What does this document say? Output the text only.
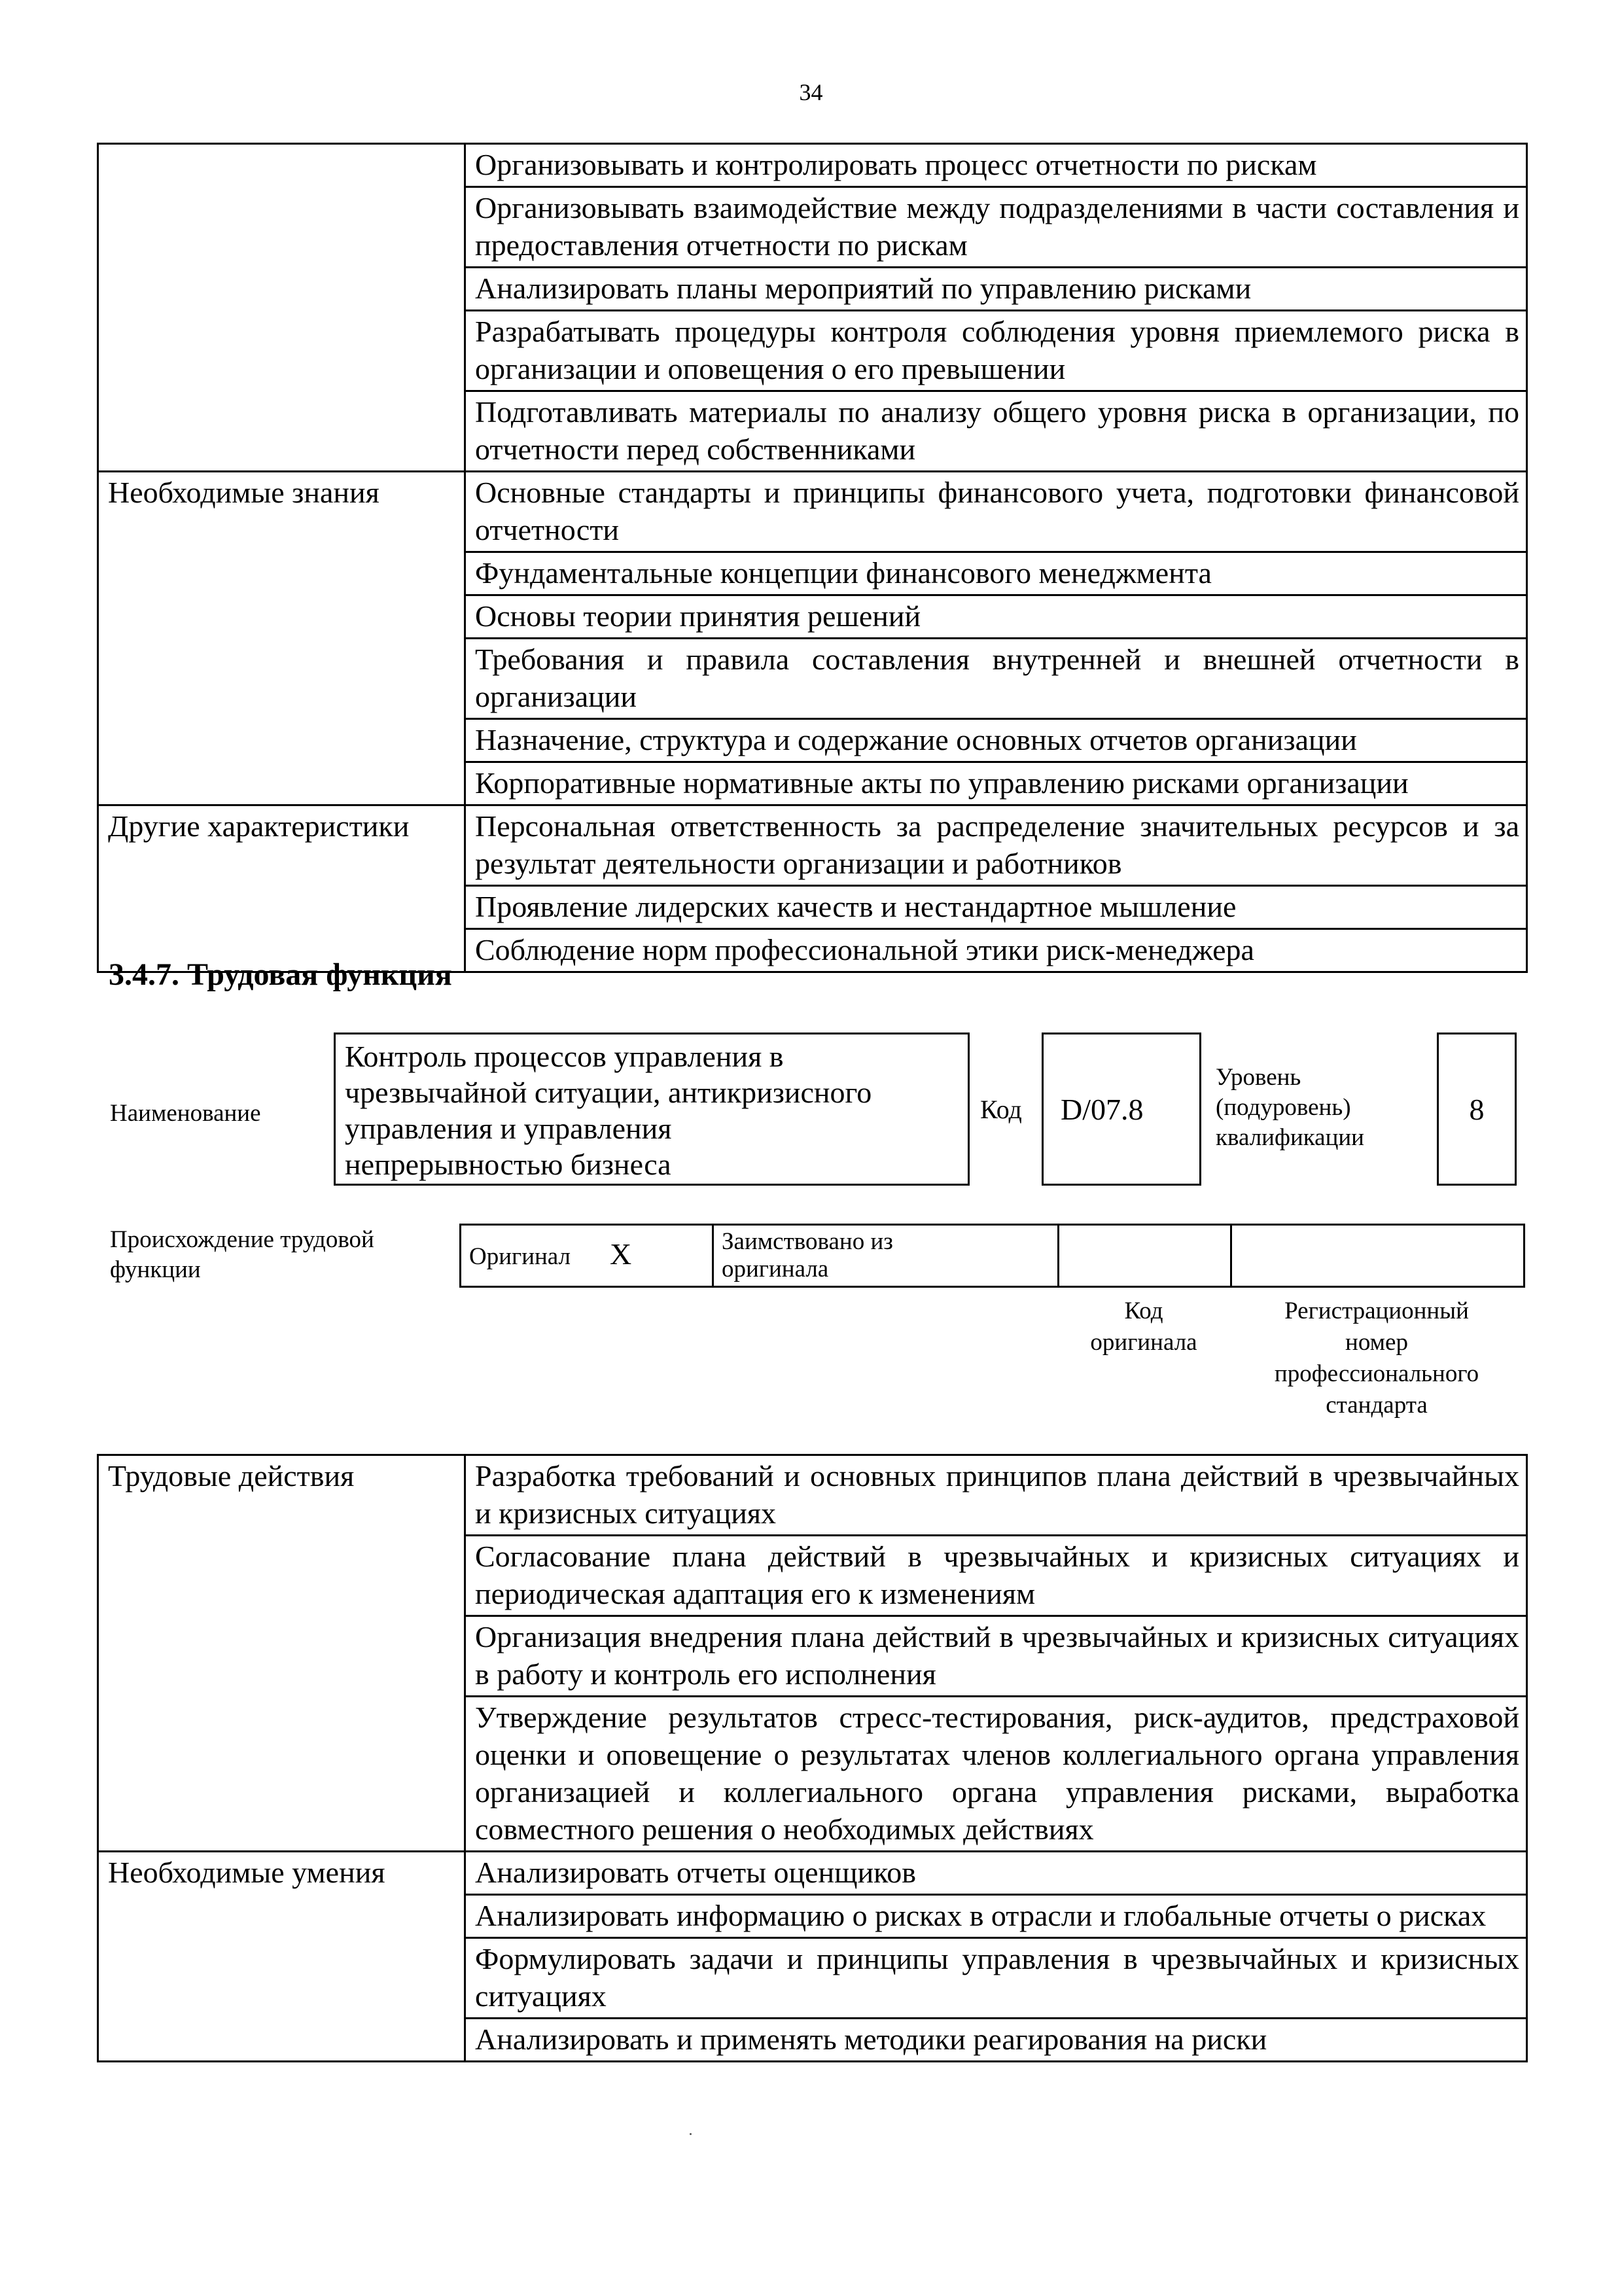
34
	Организовывать и контролировать процесс отчетности по рискам
	Организовывать взаимодействие между подразделениями в части составления и предоставления отчетности по рискам
	Анализировать планы мероприятий по управлению рисками
	Разрабатывать процедуры контроля соблюдения уровня приемлемого риска в организации и оповещения о его превышении
	Подготавливать материалы по анализу общего уровня риска в организации, по отчетности перед собственниками
Необходимые знания	Основные стандарты и принципы финансового учета, подготовки финансовой отчетности
	Фундаментальные концепции финансового менеджмента
	Основы теории принятия решений
	Требования и правила составления внутренней и внешней отчетности в организации
	Назначение, структура и содержание основных отчетов организации
	Корпоративные нормативные акты по управлению рисками организации
Другие характеристики	Персональная ответственность за распределение значительных ресурсов и за результат деятельности организации и работников
	Проявление лидерских качеств и нестандартное мышление
	Соблюдение норм профессиональной этики риск-менеджера
3.4.7. Трудовая функция
Наименование
Контроль процессов управления в
чрезвычайной ситуации, антикризисного
управления и управления
непрерывностью бизнеса
Код	D/07.8
Уровень
(подуровень)
квалификации
8
Происхождение трудовой
функции	Оригинал X	Заимствовано из
оригинала

Код
оригинала
Регистрационный
номер
профессионального
стандарта
Трудовые действия	Разработка требований и основных принципов плана действий в чрезвычайных и кризисных ситуациях
	Согласование плана действий в чрезвычайных и кризисных ситуациях и периодическая адаптация его к изменениям
	Организация внедрения плана действий в чрезвычайных и кризисных ситуациях в работу и контроль его исполнения
	Утверждение результатов стресс-тестирования, риск-аудитов, предстраховой оценки и оповещение о результатах членов коллегиального органа управления организацией и коллегиального органа управления рисками, выработка совместного решения о необходимых действиях
Необходимые умения	Анализировать отчеты оценщиков
	Анализировать информацию о рисках в отрасли и глобальные отчеты о рисках
	Формулировать задачи и принципы управления в чрезвычайных и кризисных ситуациях
	Анализировать и применять методики реагирования на риски
